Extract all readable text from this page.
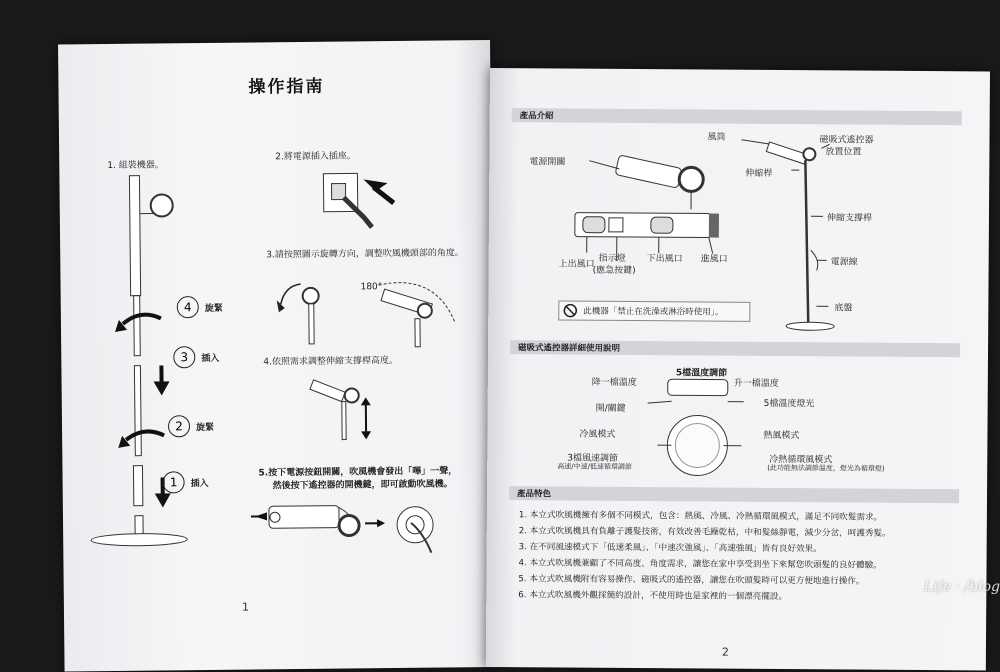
操作指南
1. 組裝機器。
4	旋緊
3	插入
2	旋緊
1	插入
2.將電源插入插座。
3.請按照圖示旋轉方向，調整吹風機頭部的角度。
180°
4.依照需求調整伸縮支撐桿高度。
5.按下電源按鈕開關，吹風機會發出「嗶」一聲，
然後按下遙控器的開機鍵，即可啟動吹風機。
1
產品介紹
電源開關
風筒	磁吸式遙控器
放置位置
伸縮桿
伸縮支撐桿
電源線
底盤
上出風口
指示燈
(應急按鍵)
下出風口 進風口
此機器「禁止在洗澡或淋浴時使用」。
磁吸式遙控器詳細使用說明
5檔溫度調節
降一檔溫度	升一檔溫度
開/關鍵	5檔溫度燈光
冷風模式	熱風模式
3檔風速調節
高速/中速/低速循環調節
冷熱循環風模式
(此功能無法調節溫度，燈光為循環燈)
產品特色
1. 本立式吹風機擁有多個不同模式，包含：熱風、冷風、冷熱循環風模式，滿足不同吹髮需求。
2. 本立式吹風機具有負離子護髮技術，有效改善毛躁乾枯，中和髮絲靜電，減少分岔，呵護秀髮。
3. 在不同風速模式下「低速柔風」、「中速次強風」、「高速強風」皆有良好效果。
4. 本立式吹風機兼顧了不同高度、角度需求，讓您在家中享受到坐下來幫您吹頭髮的良好體驗。
5. 本立式吹風機附有容易操作、磁吸式的遙控器，讓您在吹頭髮時可以更方便地進行操作。
6. 本立式吹風機外觀採簡約設計，不使用時也是家裡的一個漂亮擺設。
2
Life · /blog
